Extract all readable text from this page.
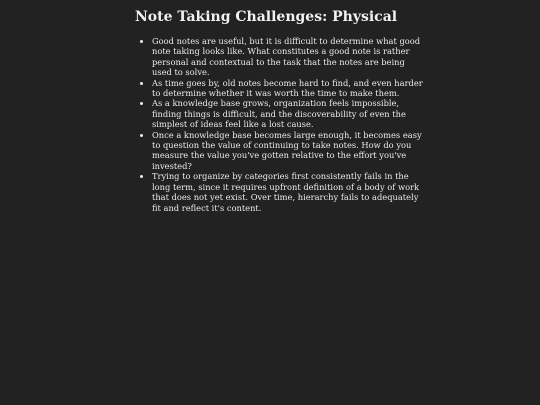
Note Taking Challenges: Physical
• Good notes are useful, but it is difficult to determine what good note taking looks like. What constitutes a good note is rather personal and contextual to the task that the notes are being used to solve.
• As time goes by, old notes become hard to find, and even harder to determine whether it was worth the time to make them.
• As a knowledge base grows, organization feels impossible, finding things is difficult, and the discoverability of even the simplest of ideas feel like a lost cause.
• Once a knowledge base becomes large enough, it becomes easy to question the value of continuing to take notes. How do you measure the value you've gotten relative to the effort you've invested?
• Trying to organize by categories first consistently fails in the long term, since it requires upfront definition of a body of work that does not yet exist. Over time, hierarchy fails to adequately fit and reflect it's content.
